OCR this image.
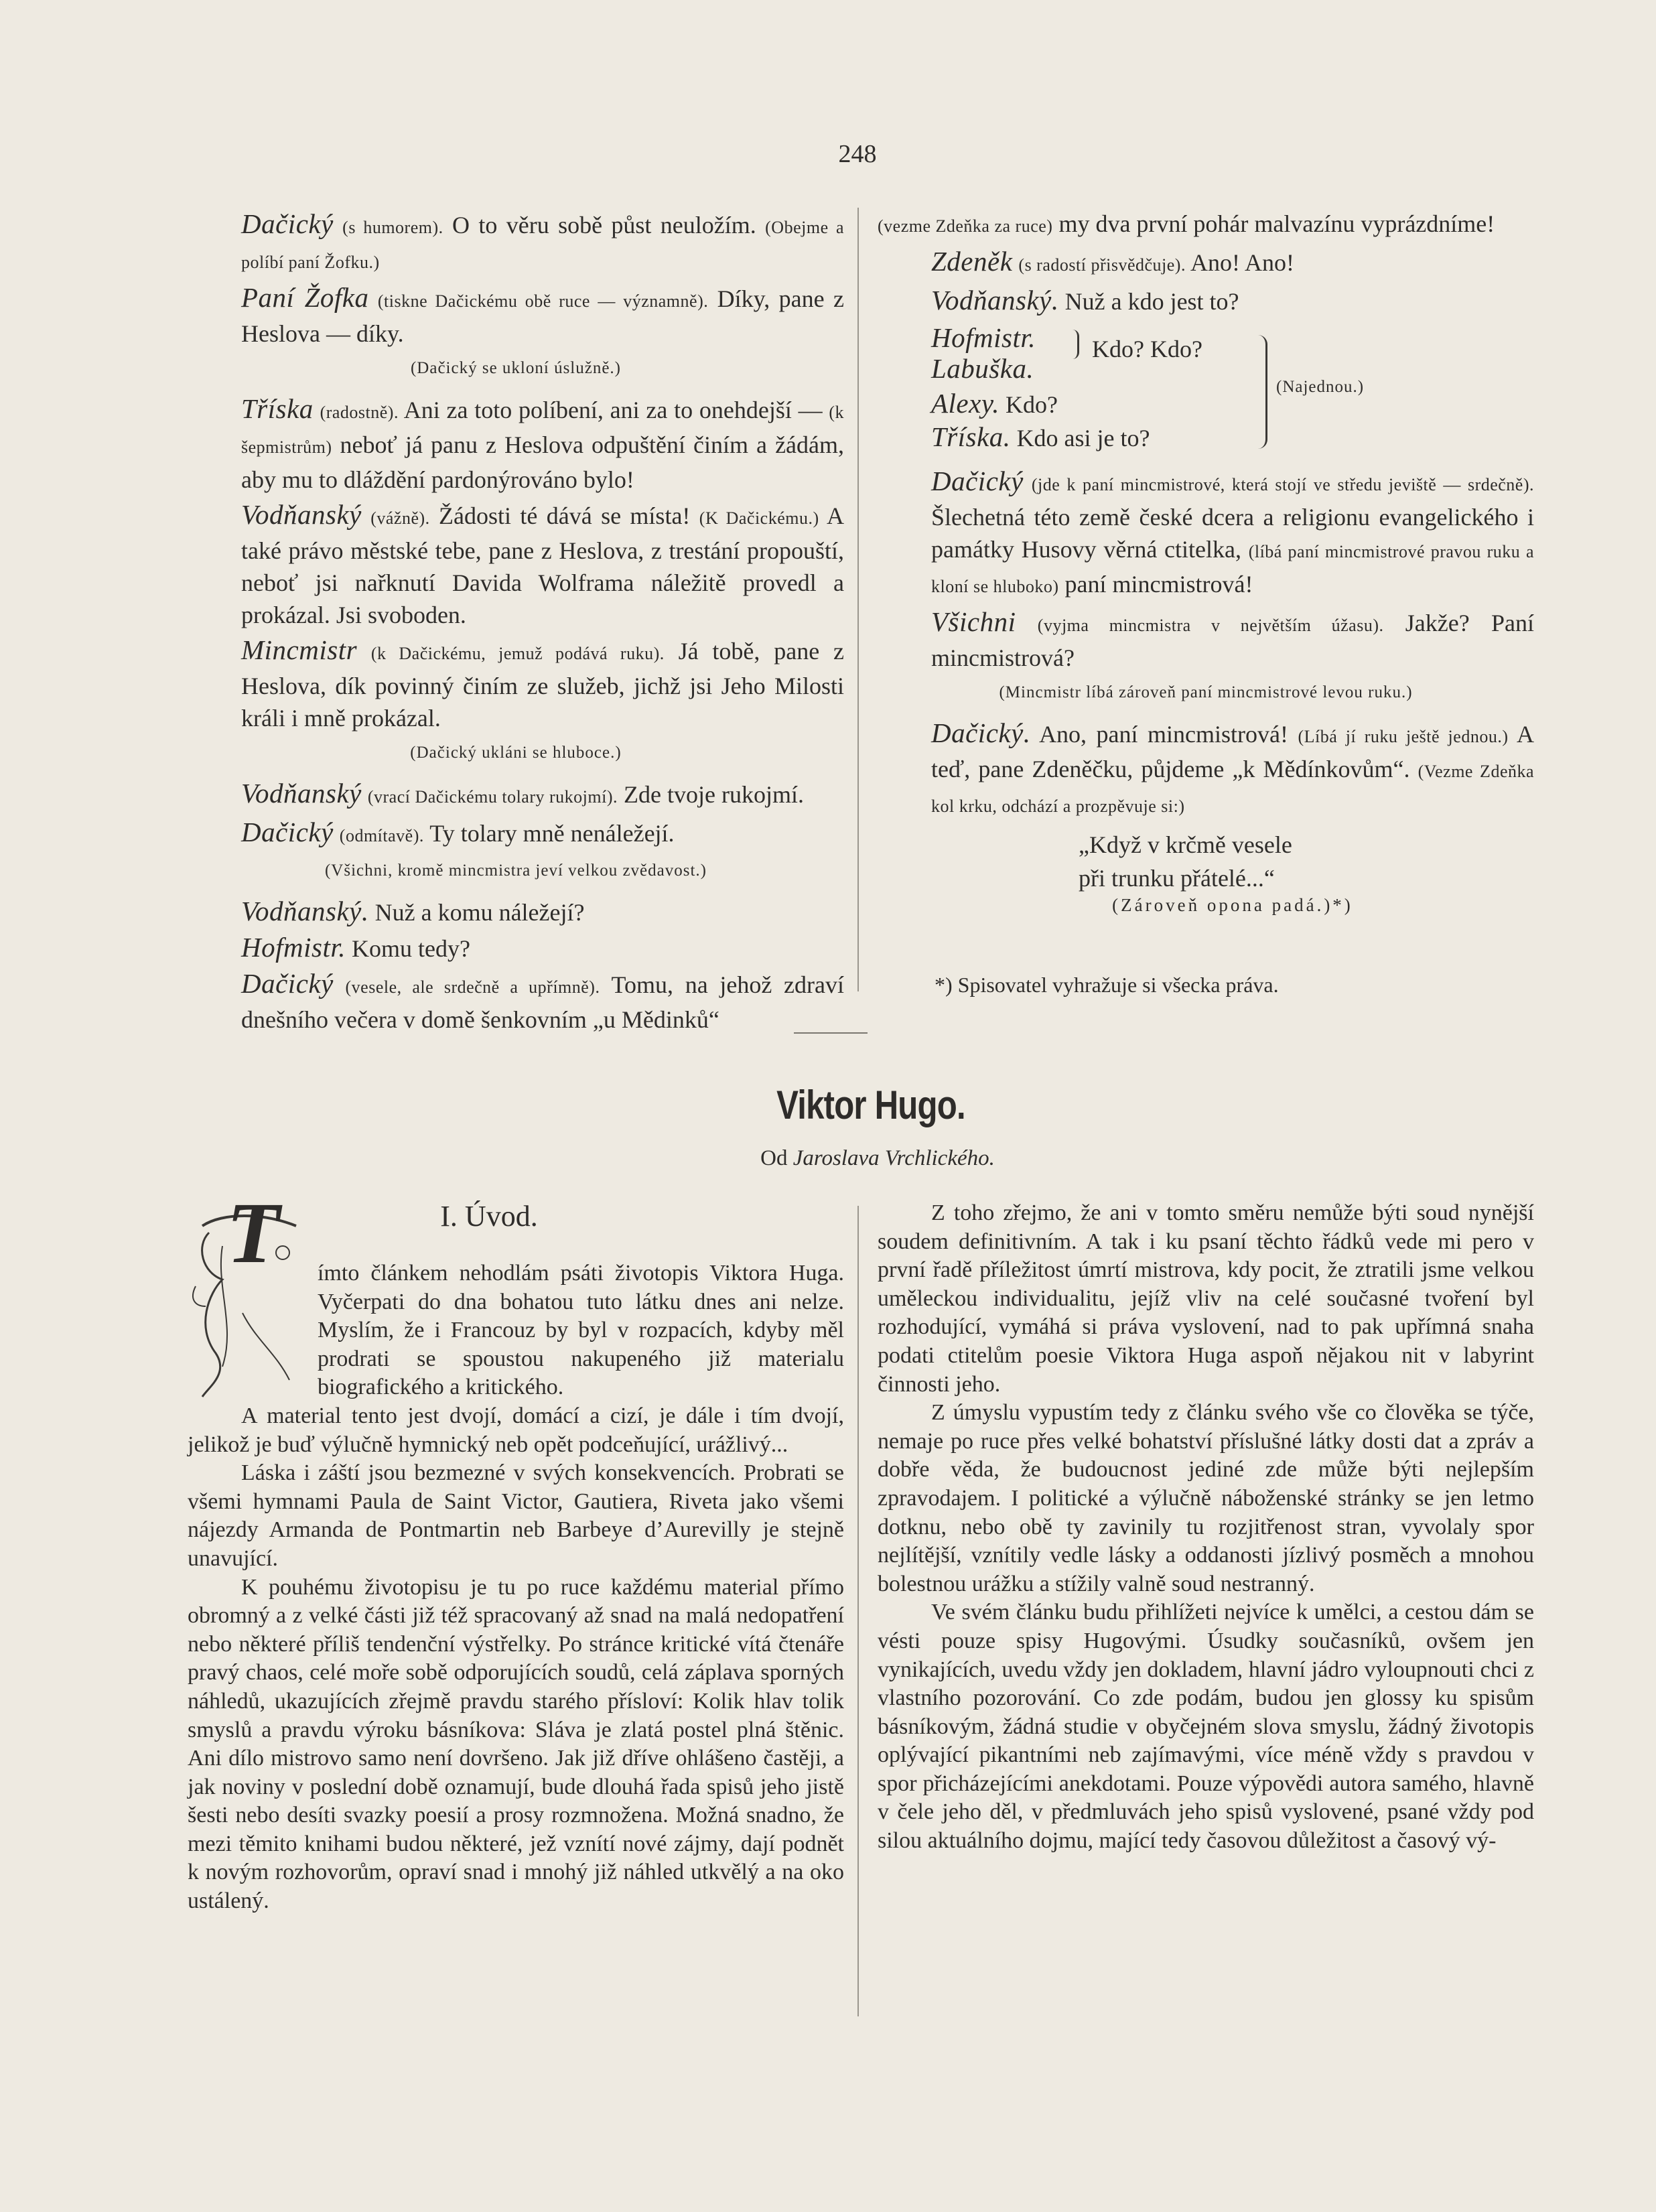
248

Dačický (s humorem). O to věru sobě půst neuložím. (Obejme a políbí paní Žofku.)

Paní Žofka (tiskne Dačickému obě ruce — významně). Díky, pane z Heslova — díky.

(Dačický se ukloní úslužně.)

Tříska (radostně). Ani za toto políbení, ani za to onehdejší — (k šepmistrům) neboť já panu z Heslova odpuštění činím a žádám, aby mu to dláždění pardonýrováno bylo!

Vodňanský (vážně). Žádosti té dává se místa! (K Dačickému.) A také právo městské tebe, pane z Heslova, z trestání propouští, neboť jsi nařknutí Davida Wolframa náležitě provedl a prokázal. Jsi svoboden.

Mincmistr (k Dačickému, jemuž podává ruku). Já tobě, pane z Heslova, dík povinný činím ze služeb, jichž jsi Jeho Milosti králi i mně prokázal.

(Dačický ukláni se hluboce.)

Vodňanský (vrací Dačickému tolary rukojmí). Zde tvoje rukojmí.

Dačický (odmítavě). Ty tolary mně nenáležejí.

(Všichni, kromě mincmistra jeví velkou zvědavost.)

Vodňanský. Nuž a komu náležejí?

Hofmistr. Komu tedy?

Dačický (vesele, ale srdečně a upřímně). Tomu, na jehož zdraví dnešního večera v domě šenkovním „u Mědinků“

(vezme Zdeňka za ruce) my dva první pohár malvazínu vyprázdníme!

Zdeněk (s radostí přisvědčuje). Ano! Ano!

Vodňanský. Nuž a kdo jest to?

Hofmistr.
Labuška.
Kdo? Kdo?
Alexy. Kdo?
Tříska. Kdo asi je to?
(Najednou.)

Dačický (jde k paní mincmistrové, která stojí ve středu jeviště — srdečně). Šlechetná této země české dcera a religionu evangelického i památky Husovy věrná ctitelka, (líbá paní mincmistrové pravou ruku a kloní se hluboko) paní mincmistrová!

Všichni (vyjma mincmistra v největším úžasu). Jakže? Paní mincmistrová?

(Mincmistr líbá zároveň paní mincmistrové levou ruku.)

Dačický. Ano, paní mincmistrová! (Líbá jí ruku ještě jednou.) A teď, pane Zdeněčku, půjdeme „k Mědínkovům“. (Vezme Zdeňka kol krku, odchází a prozpěvuje si:)

„Když v krčmě vesele
při trunku přátelé...“

(Zároveň opona padá.)*)

*) Spisovatel vyhražuje si všecka práva.
Viktor Hugo.
Od Jaroslava Vrchlického.
I. Úvod.

T ímto článkem nehodlám psáti životopis Viktora Huga. Vyčerpati do dna bohatou tuto látku dnes ani nelze. Myslím, že i Francouz by byl v rozpacích, kdyby měl prodrati se spoustou nakupeného již materialu biografického a kritického.

A material tento jest dvojí, domácí a cizí, je dále i tím dvojí, jelikož je buď výlučně hymnický neb opět podceňující, urážlivý...

Láska i záští jsou bezmezné v svých konsekvencích. Probrati se všemi hymnami Paula de Saint Victor, Gautiera, Riveta jako všemi nájezdy Armanda de Pontmartin neb Barbeye d’Aurevilly je stejně unavující.

K pouhému životopisu je tu po ruce každému material přímo obromný a z velké části již též spracovaný až snad na malá nedopatření nebo některé příliš tendenční výstřelky. Po stránce kritické vítá čtenáře pravý chaos, celé moře sobě odporujících soudů, celá záplava sporných náhledů, ukazujících zřejmě pravdu starého přísloví: Kolik hlav tolik smyslů a pravdu výroku básníkova: Sláva je zlatá postel plná štěnic. Ani dílo mistrovo samo není dovršeno. Jak již dříve ohlášeno častěji, a jak noviny v poslední době oznamují, bude dlouhá řada spisů jeho jistě šesti nebo desíti svazky poesií a prosy rozmnožena. Možná snadno, že mezi těmito knihami budou některé, jež vznítí nové zájmy, dají podnět k novým rozhovorům, opraví snad i mnohý již náhled utkvělý a na oko ustálený.

Z toho zřejmo, že ani v tomto směru nemůže býti soud nynější soudem definitivním. A tak i ku psaní těchto řádků vede mi pero v první řadě příležitost úmrtí mistrova, kdy pocit, že ztratili jsme velkou uměleckou individualitu, jejíž vliv na celé současné tvoření byl rozhodující, vymáhá si práva vyslovení, nad to pak upřímná snaha podati ctitelům poesie Viktora Huga aspoň nějakou nit v labyrint činnosti jeho.

Z úmyslu vypustím tedy z článku svého vše co člověka se týče, nemaje po ruce přes velké bohatství příslušné látky dosti dat a zpráv a dobře věda, že budoucnost jediné zde může býti nejlepším zpravodajem. I politické a výlučně náboženské stránky se jen letmo dotknu, nebo obě ty zavinily tu rozjitřenost stran, vyvolaly spor nejlítější, vznítily vedle lásky a oddanosti jízlivý posměch a mnohou bolestnou urážku a stížily valně soud nestranný.

Ve svém článku budu přihlížeti nejvíce k umělci, a cestou dám se vésti pouze spisy Hugovými. Úsudky současníků, ovšem jen vynikajících, uvedu vždy jen dokladem, hlavní jádro vyloupnouti chci z vlastního pozorování. Co zde podám, budou jen glossy ku spisům básníkovým, žádná studie v obyčejném slova smyslu, žádný životopis oplývající pikantními neb zajímavými, více méně vždy s pravdou v spor přicházejícími anekdotami. Pouze výpovědi autora samého, hlavně v čele jeho děl, v předmluvách jeho spisů vyslovené, psané vždy pod silou aktuálního dojmu, mající tedy časovou důležitost a časový vý-
